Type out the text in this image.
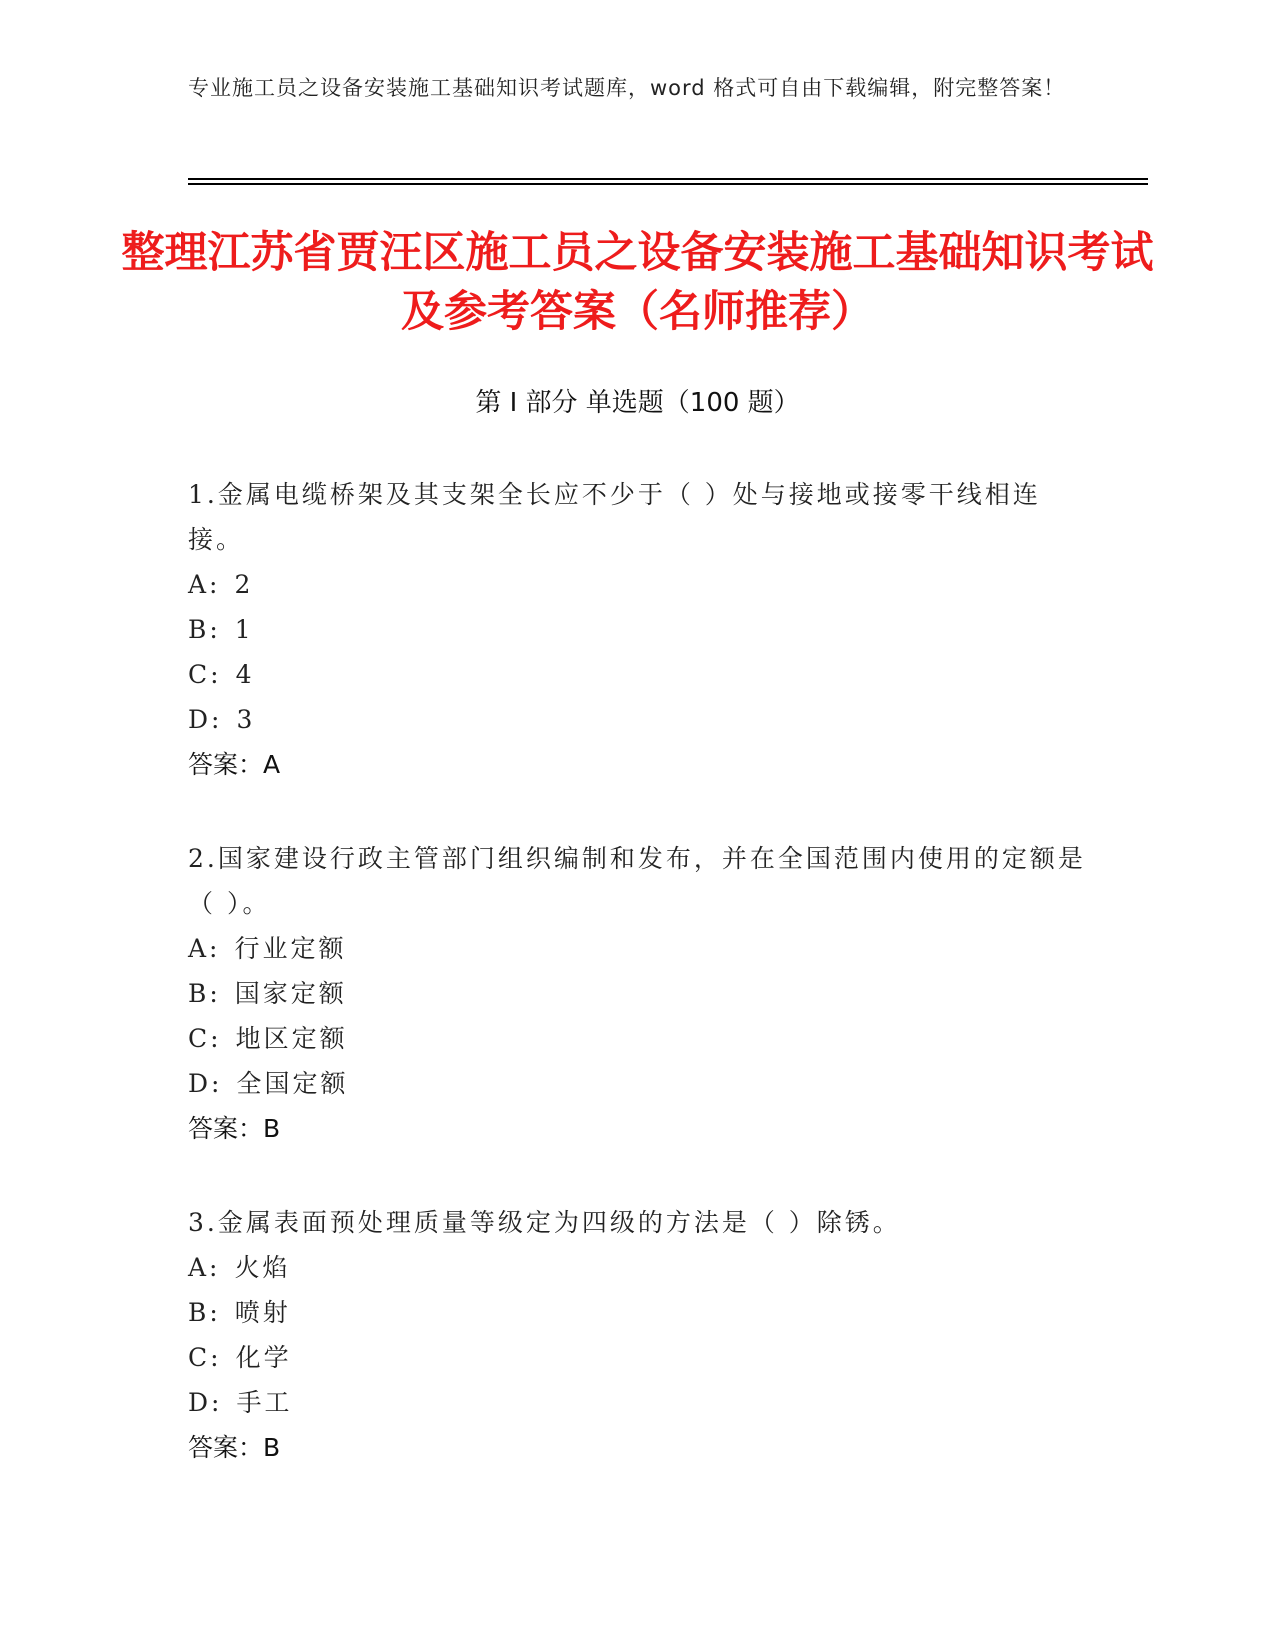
专业施工员之设备安装施工基础知识考试题库，word 格式可自由下载编辑，附完整答案！
整理江苏省贾汪区施工员之设备安装施工基础知识考试及参考答案（名师推荐）
第 I 部分 单选题（100 题）

1.金属电缆桥架及其支架全长应不少于（ ）处与接地或接零干线相连接。

A: 2
B: 1
C: 4
D: 3
答案：A

2.国家建设行政主管部门组织编制和发布，并在全国范围内使用的定额是（ ）。

A: 行业定额
B: 国家定额
C: 地区定额
D: 全国定额
答案：B

3.金属表面预处理质量等级定为四级的方法是（ ）除锈。

A: 火焰
B: 喷射
C: 化学
D: 手工
答案：B
